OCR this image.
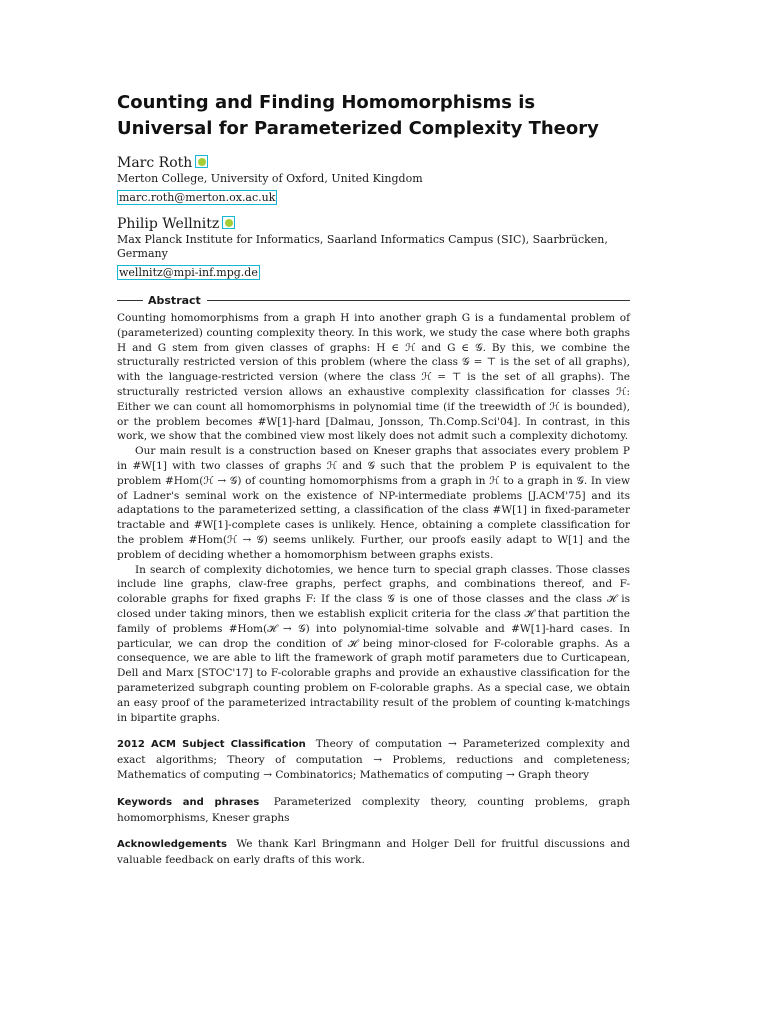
Counting and Finding Homomorphisms is
Universal for Parameterized Complexity Theory
Marc Roth
Merton College, University of Oxford, United Kingdom
marc.roth@merton.ox.ac.uk
Philip Wellnitz
Max Planck Institute for Informatics, Saarland Informatics Campus (SIC), Saarbrücken, Germany
wellnitz@mpi-inf.mpg.de
Abstract

Counting homomorphisms from a graph H into another graph G is a fundamental problem of (parameterized) counting complexity theory. In this work, we study the case where both graphs H and G stem from given classes of graphs: H ∈ ℋ and G ∈ 𝒢. By this, we combine the structurally restricted version of this problem (where the class 𝒢 = ⊤ is the set of all graphs), with the language-restricted version (where the class ℋ = ⊤ is the set of all graphs). The structurally restricted version allows an exhaustive complexity classification for classes ℋ: Either we can count all homomorphisms in polynomial time (if the treewidth of ℋ is bounded), or the problem becomes #W[1]-hard [Dalmau, Jonsson, Th.Comp.Sci'04]. In contrast, in this work, we show that the combined view most likely does not admit such a complexity dichotomy.

Our main result is a construction based on Kneser graphs that associates every problem P in #W[1] with two classes of graphs ℋ and 𝒢 such that the problem P is equivalent to the problem #Hom(ℋ → 𝒢) of counting homomorphisms from a graph in ℋ to a graph in 𝒢. In view of Ladner's seminal work on the existence of NP-intermediate problems [J.ACM'75] and its adaptations to the parameterized setting, a classification of the class #W[1] in fixed-parameter tractable and #W[1]-complete cases is unlikely. Hence, obtaining a complete classification for the problem #Hom(ℋ → 𝒢) seems unlikely. Further, our proofs easily adapt to W[1] and the problem of deciding whether a homomorphism between graphs exists.

In search of complexity dichotomies, we hence turn to special graph classes. Those classes include line graphs, claw-free graphs, perfect graphs, and combinations thereof, and F-colorable graphs for fixed graphs F: If the class 𝒢 is one of those classes and the class ℋ is closed under taking minors, then we establish explicit criteria for the class ℋ that partition the family of problems #Hom(ℋ → 𝒢) into polynomial-time solvable and #W[1]-hard cases. In particular, we can drop the condition of ℋ being minor-closed for F-colorable graphs. As a consequence, we are able to lift the framework of graph motif parameters due to Curticapean, Dell and Marx [STOC'17] to F-colorable graphs and provide an exhaustive classification for the parameterized subgraph counting problem on F-colorable graphs. As a special case, we obtain an easy proof of the parameterized intractability result of the problem of counting k-matchings in bipartite graphs.

2012 ACM Subject Classification Theory of computation → Parameterized complexity and exact algorithms; Theory of computation → Problems, reductions and completeness; Mathematics of computing → Combinatorics; Mathematics of computing → Graph theory

Keywords and phrases Parameterized complexity theory, counting problems, graph homomorphisms, Kneser graphs

Acknowledgements We thank Karl Bringmann and Holger Dell for fruitful discussions and valuable feedback on early drafts of this work.
